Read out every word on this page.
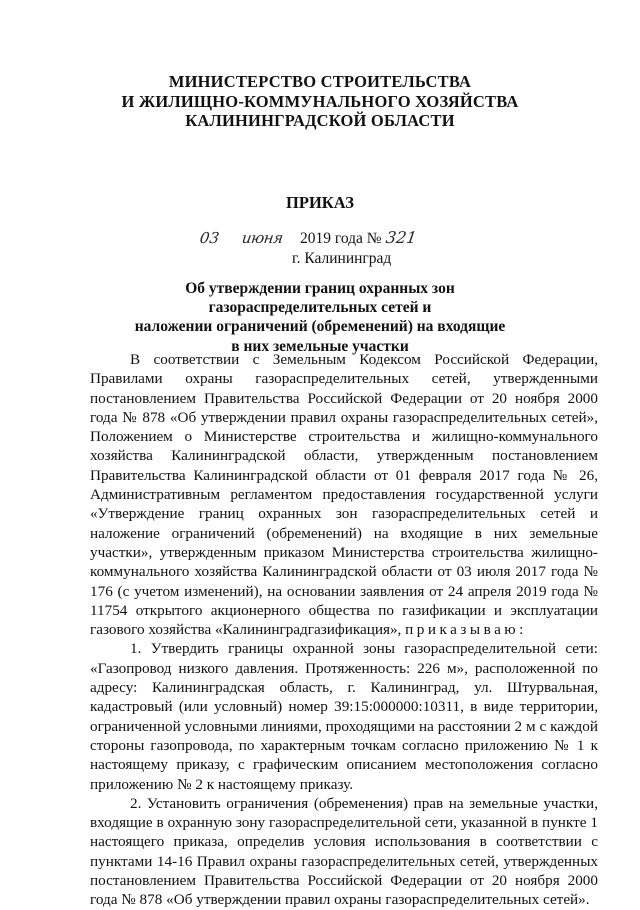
МИНИСТЕРСТВО СТРОИТЕЛЬСТВА
И ЖИЛИЩНО-КОММУНАЛЬНОГО ХОЗЯЙСТВА
КАЛИНИНГРАДСКОЙ ОБЛАСТИ
ПРИКАЗ
03 июня 2019 года № 321
г. Калининград
Об утверждении границ охранных зон газораспределительных сетей и
наложении ограничений (обременений) на входящие
в них земельные участки

В соответствии с Земельным Кодексом Российской Федерации, Правилами охраны газораспределительных сетей, утвержденными постановлением Правительства Российской Федерации от 20 ноября 2000 года № 878 «Об утверждении правил охраны газораспределительных сетей», Положением о Министерстве строительства и жилищно-коммунального хозяйства Калининградской области, утвержденным постановлением Правительства Калининградской области от 01 февраля 2017 года № 26, Административным регламентом предоставления государственной услуги «Утверждение границ охранных зон газораспределительных сетей и наложение ограничений (обременений) на входящие в них земельные участки», утвержденным приказом Министерства строительства жилищно-коммунального хозяйства Калининградской области от 03 июля 2017 года № 176 (с учетом изменений), на основании заявления от 24 апреля 2019 года № 11754 открытого акционерного общества по газификации и эксплуатации газового хозяйства «Калининградгазификация», приказываю:

1. Утвердить границы охранной зоны газораспределительной сети: «Газопровод низкого давления. Протяженность: 226 м», расположенной по адресу: Калининградская область, г. Калининград, ул. Штурвальная, кадастровый (или условный) номер 39:15:000000:10311, в виде территории, ограниченной условными линиями, проходящими на расстоянии 2 м с каждой стороны газопровода, по характерным точкам согласно приложению № 1 к настоящему приказу, с графическим описанием местоположения согласно приложению № 2 к настоящему приказу.

2. Установить ограничения (обременения) прав на земельные участки, входящие в охранную зону газораспределительной сети, указанной в пункте 1 настоящего приказа, определив условия использования в соответствии с пунктами 14-16 Правил охраны газораспределительных сетей, утвержденных постановлением Правительства Российской Федерации от 20 ноября 2000 года № 878 «Об утверждении правил охраны газораспределительных сетей».
